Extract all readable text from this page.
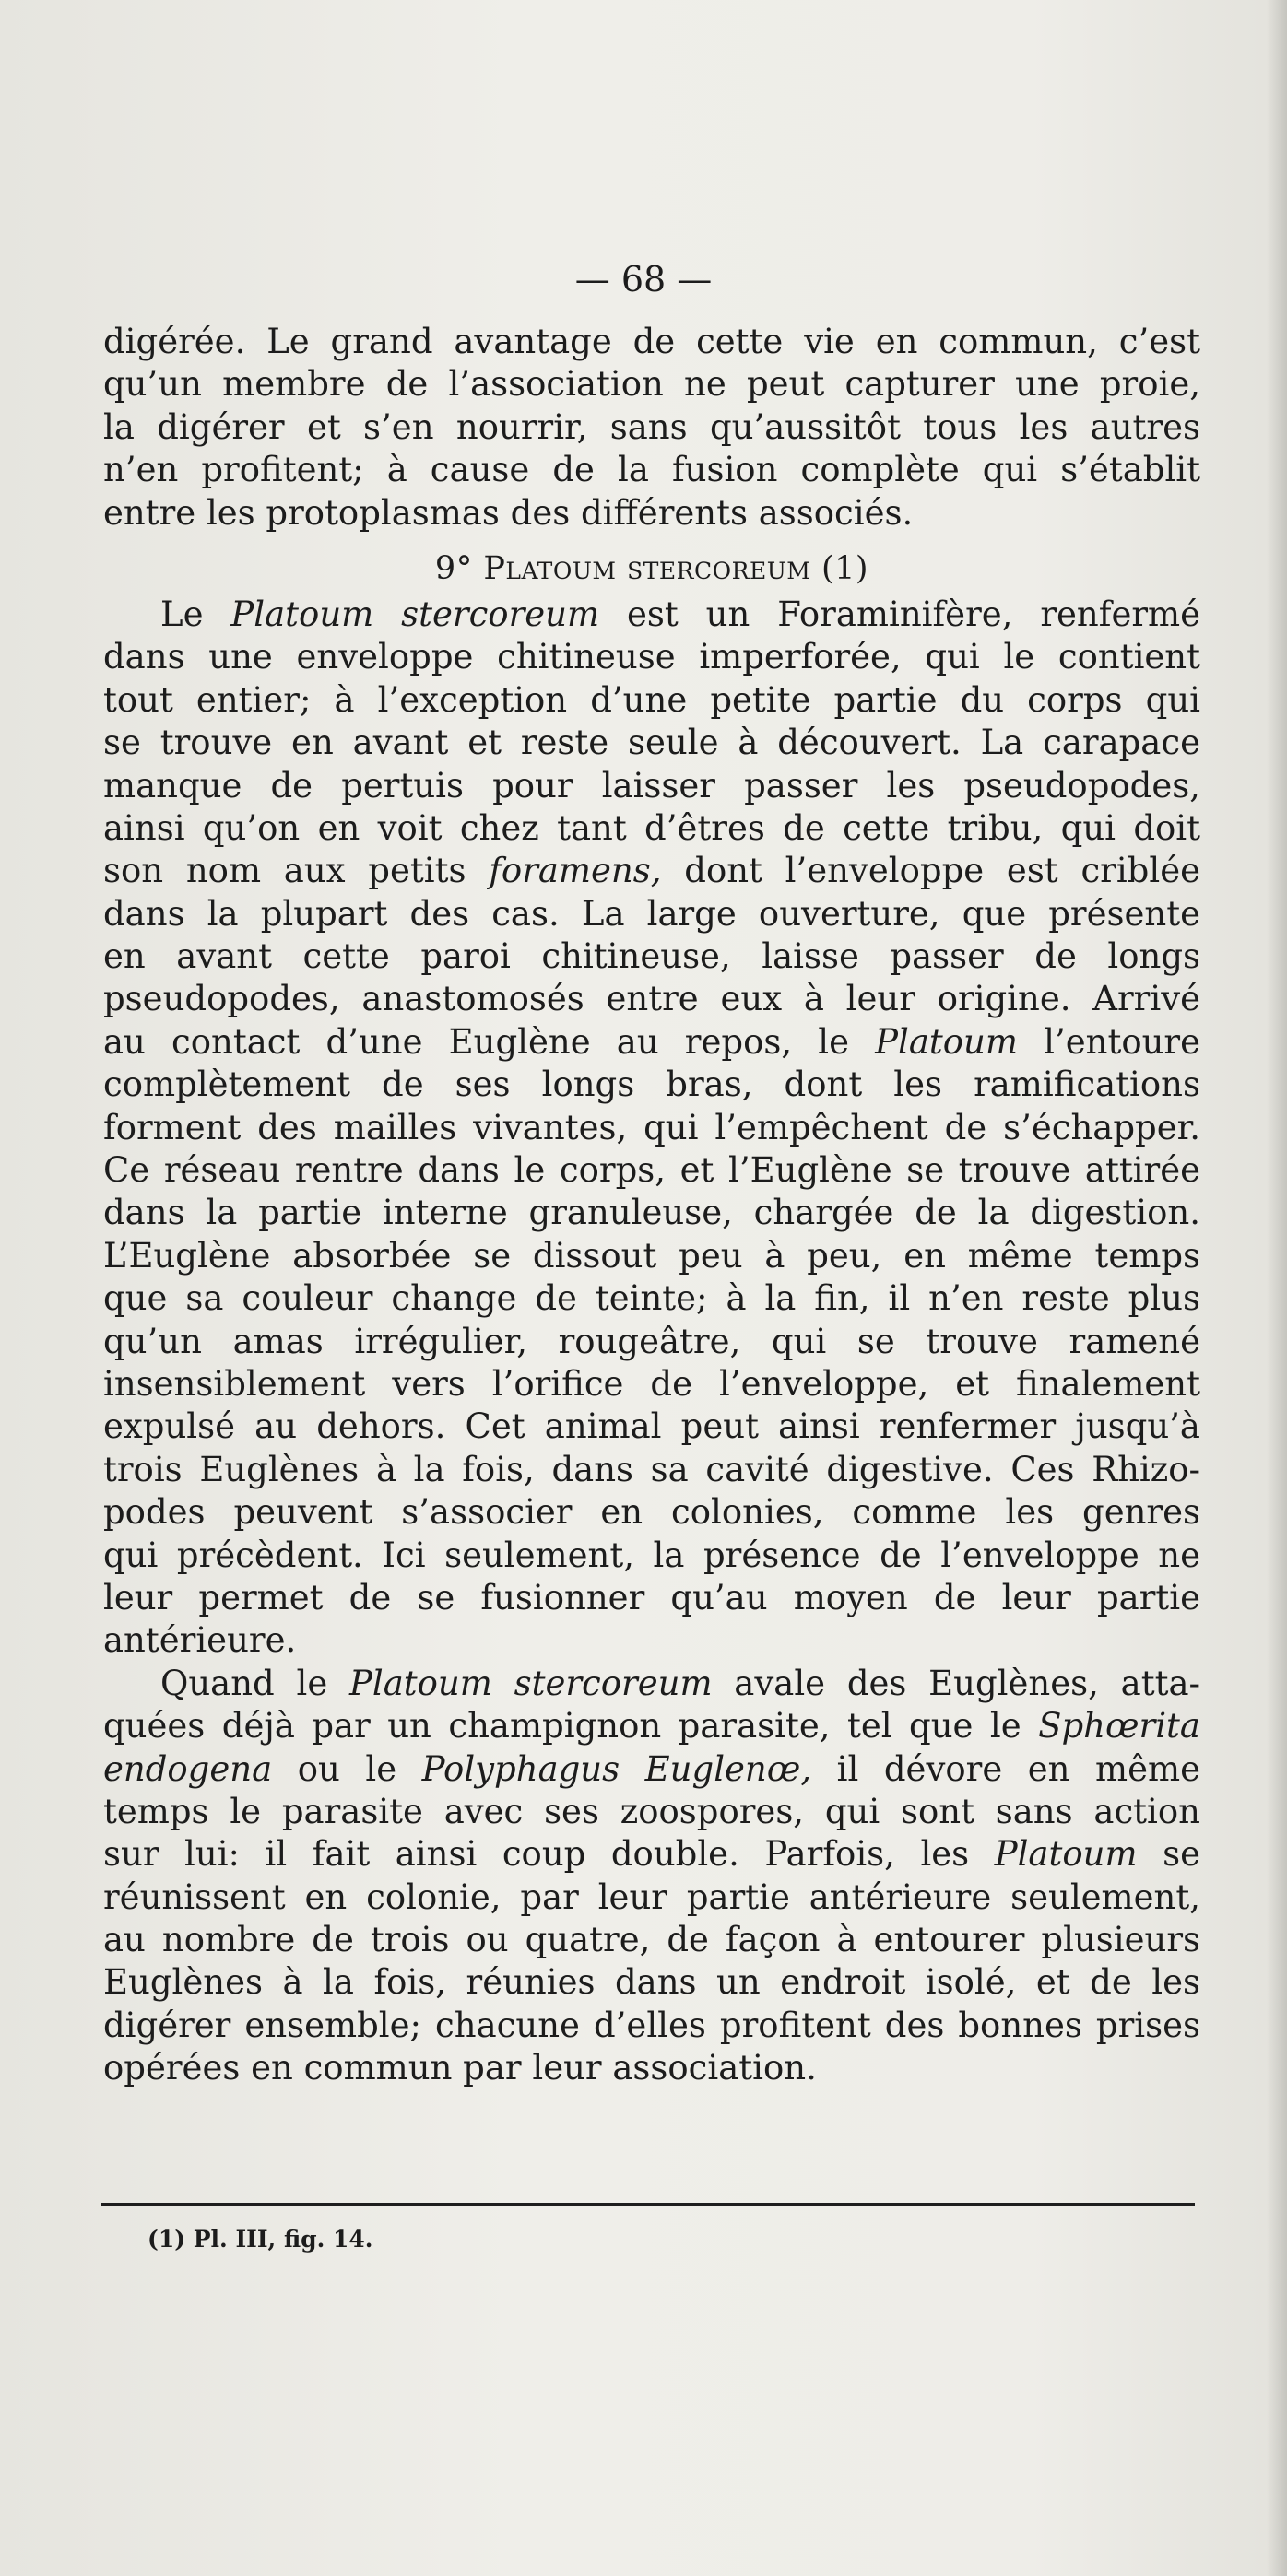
— 68 —
digérée. Le grand avantage de cette vie en commun, c’est
qu’un membre de l’association ne peut capturer une proie,
la digérer et s’en nourrir, sans qu’aussitôt tous les autres
n’en profitent; à cause de la fusion complète qui s’établit
entre les protoplasmas des différents associés.
9° Platoum stercoreum (1)
Le Platoum stercoreum est un Foraminifère, renfermé
dans une enveloppe chitineuse imperforée, qui le contient
tout entier; à l’exception d’une petite partie du corps qui
se trouve en avant et reste seule à découvert. La carapace
manque de pertuis pour laisser passer les pseudopodes,
ainsi qu’on en voit chez tant d’êtres de cette tribu, qui doit
son nom aux petits foramens, dont l’enveloppe est criblée
dans la plupart des cas. La large ouverture, que présente
en avant cette paroi chitineuse, laisse passer de longs
pseudopodes, anastomosés entre eux à leur origine. Arrivé
au contact d’une Euglène au repos, le Platoum l’entoure
complètement de ses longs bras, dont les ramifications
forment des mailles vivantes, qui l’empêchent de s’échapper.
Ce réseau rentre dans le corps, et l’Euglène se trouve attirée
dans la partie interne granuleuse, chargée de la digestion.
L’Euglène absorbée se dissout peu à peu, en même temps
que sa couleur change de teinte; à la fin, il n’en reste plus
qu’un amas irrégulier, rougeâtre, qui se trouve ramené
insensiblement vers l’orifice de l’enveloppe, et finalement
expulsé au dehors. Cet animal peut ainsi renfermer jusqu’à
trois Euglènes à la fois, dans sa cavité digestive. Ces Rhizo-
podes peuvent s’associer en colonies, comme les genres
qui précèdent. Ici seulement, la présence de l’enveloppe ne
leur permet de se fusionner qu’au moyen de leur partie
antérieure.
Quand le Platoum stercoreum avale des Euglènes, atta-
quées déjà par un champignon parasite, tel que le Sphœrita
endogena ou le Polyphagus Euglenœ, il dévore en même
temps le parasite avec ses zoospores, qui sont sans action
sur lui: il fait ainsi coup double. Parfois, les Platoum se
réunissent en colonie, par leur partie antérieure seulement,
au nombre de trois ou quatre, de façon à entourer plusieurs
Euglènes à la fois, réunies dans un endroit isolé, et de les
digérer ensemble; chacune d’elles profitent des bonnes prises
opérées en commun par leur association.
(1) Pl. III, fig. 14.
